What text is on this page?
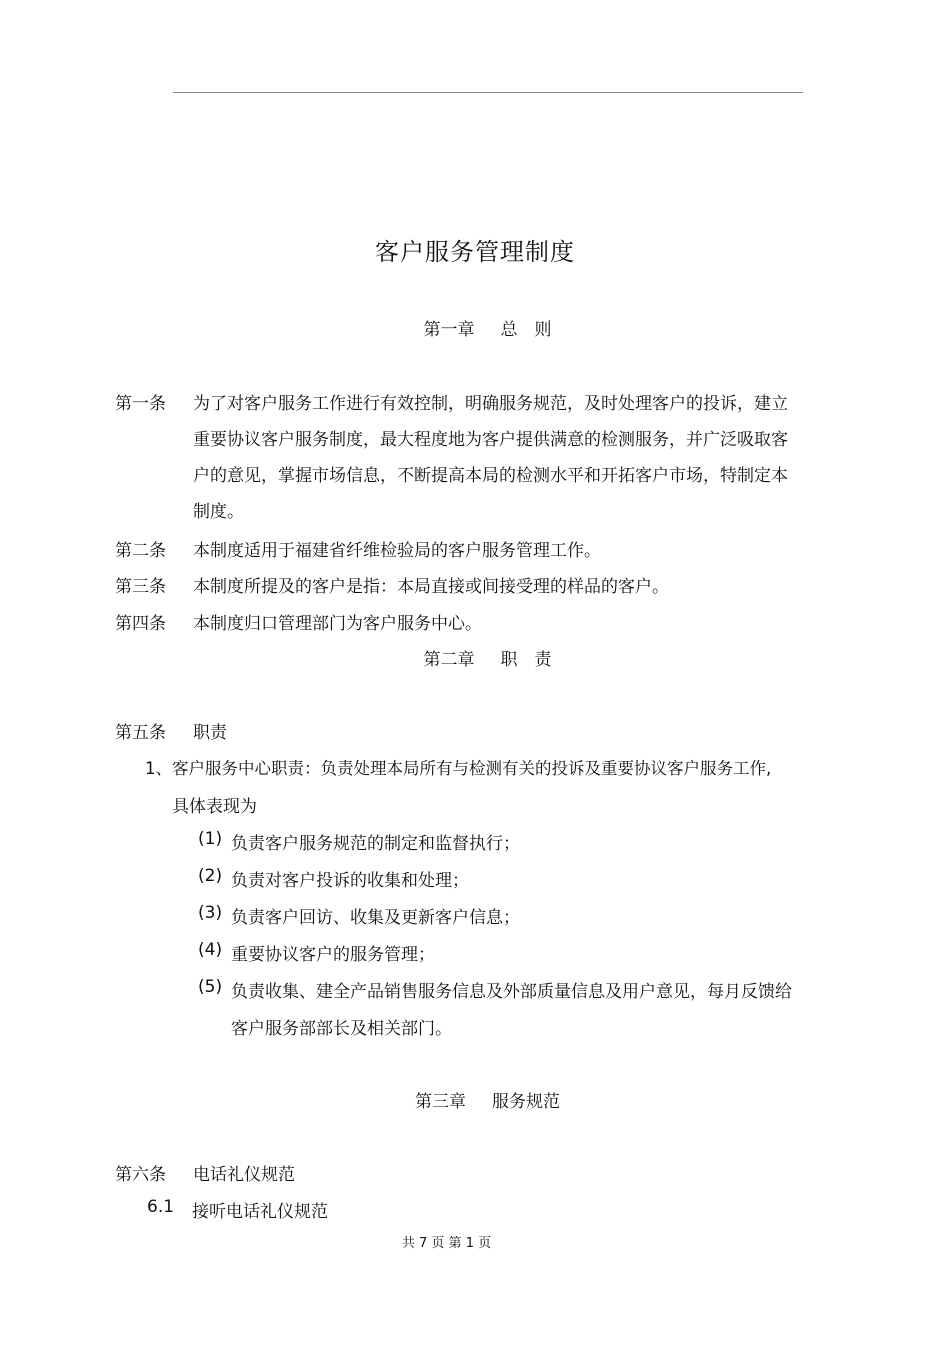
客户服务管理制度
第一章 总　则
第一条 为了对客户服务工作进行有效控制，明确服务规范，及时处理客户的投诉，建立
重要协议客户服务制度，最大程度地为客户提供满意的检测服务，并广泛吸取客
户的意见，掌握市场信息，不断提高本局的检测水平和开拓客户市场，特制定本
制度。
第二条 本制度适用于福建省纤维检验局的客户服务管理工作。
第三条 本制度所提及的客户是指：本局直接或间接受理的样品的客户。
第四条 本制度归口管理部门为客户服务中心。
第二章 职　责
第五条 职责
1、客户服务中心职责：负责处理本局所有与检测有关的投诉及重要协议客户服务工作,
具体表现为
(1) 负责客户服务规范的制定和监督执行；
(2) 负责对客户投诉的收集和处理；
(3) 负责客户回访、收集及更新客户信息；
(4) 重要协议客户的服务管理；
(5) 负责收集、建全产品销售服务信息及外部质量信息及用户意见，每月反馈给
客户服务部部长及相关部门。
第三章 服务规范
第六条 电话礼仪规范
6.1 接听电话礼仪规范
共 7 页 第 1 页
